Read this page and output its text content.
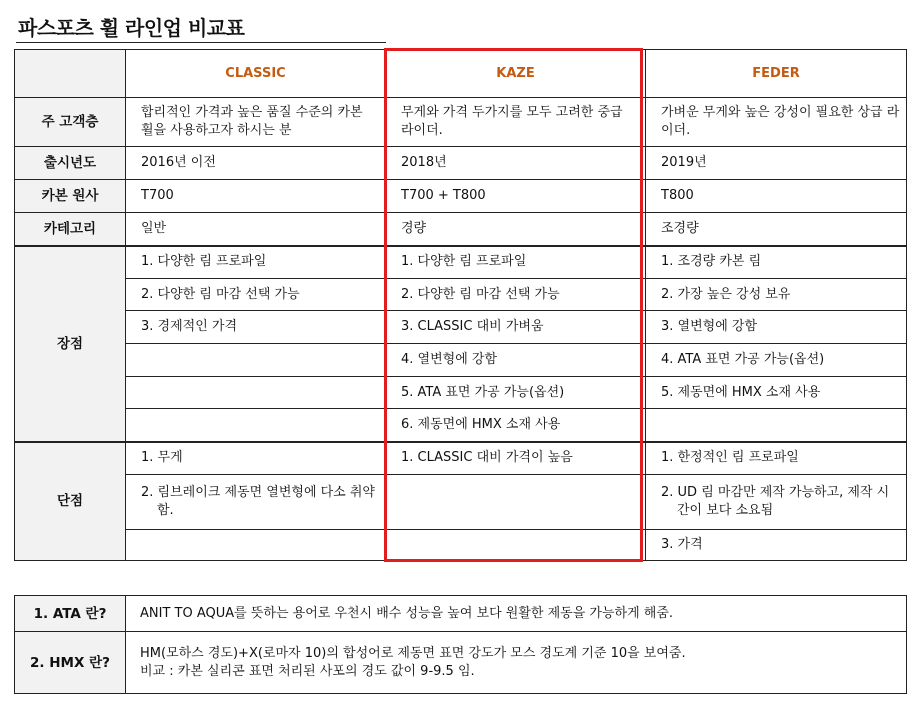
파스포츠 휠 라인업 비교표
	CLASSIC	KAZE	FEDER
주 고객층	합리적인 가격과 높은 품질 수준의 카본 휠을 사용하고자 하시는 분	무게와 가격 두가지를 모두 고려한 중급 라이더.	가벼운 무게와 높은 강성이 필요한 상급 라이더.
출시년도	2016년 이전	2018년	2019년
카본 원사	T700	T700 + T800	T800
카테고리	일반	경량	조경량
장점	1. 다양한 림 프로파일	1. 다양한 림 프로파일	1. 조경량 카본 림
	2. 다양한 림 마감 선택 가능	2. 다양한 림 마감 선택 가능	2. 가장 높은 강성 보유
	3. 경제적인 가격	3. CLASSIC 대비 가벼움	3. 열변형에 강함
		4. 열변형에 강함	4. ATA 표면 가공 가능(옵션)
		5. ATA 표면 가공 가능(옵션)	5. 제동면에 HMX 소재 사용
		6. 제동면에 HMX 소재 사용	
단점	1. 무게	1. CLASSIC 대비 가격이 높음	1. 한정적인 림 프로파일
	2. 림브레이크 제동면 열변형에 다소 취약함.		2. UD 림 마감만 제작 가능하고, 제작 시간이 보다 소요됨
			3. 가격
1. ATA 란?	ANIT TO AQUA를 뜻하는 용어로 우천시 배수 성능을 높여 보다 원활한 제동을 가능하게 해줌.
2. HMX 란?	HM(모하스 경도)+X(로마자 10)의 합성어로 제동면 표면 강도가 모스 경도계 기준 10을 보여줌.
비교 : 카본 실리콘 표면 처리된 사포의 경도 값이 9-9.5 임.
